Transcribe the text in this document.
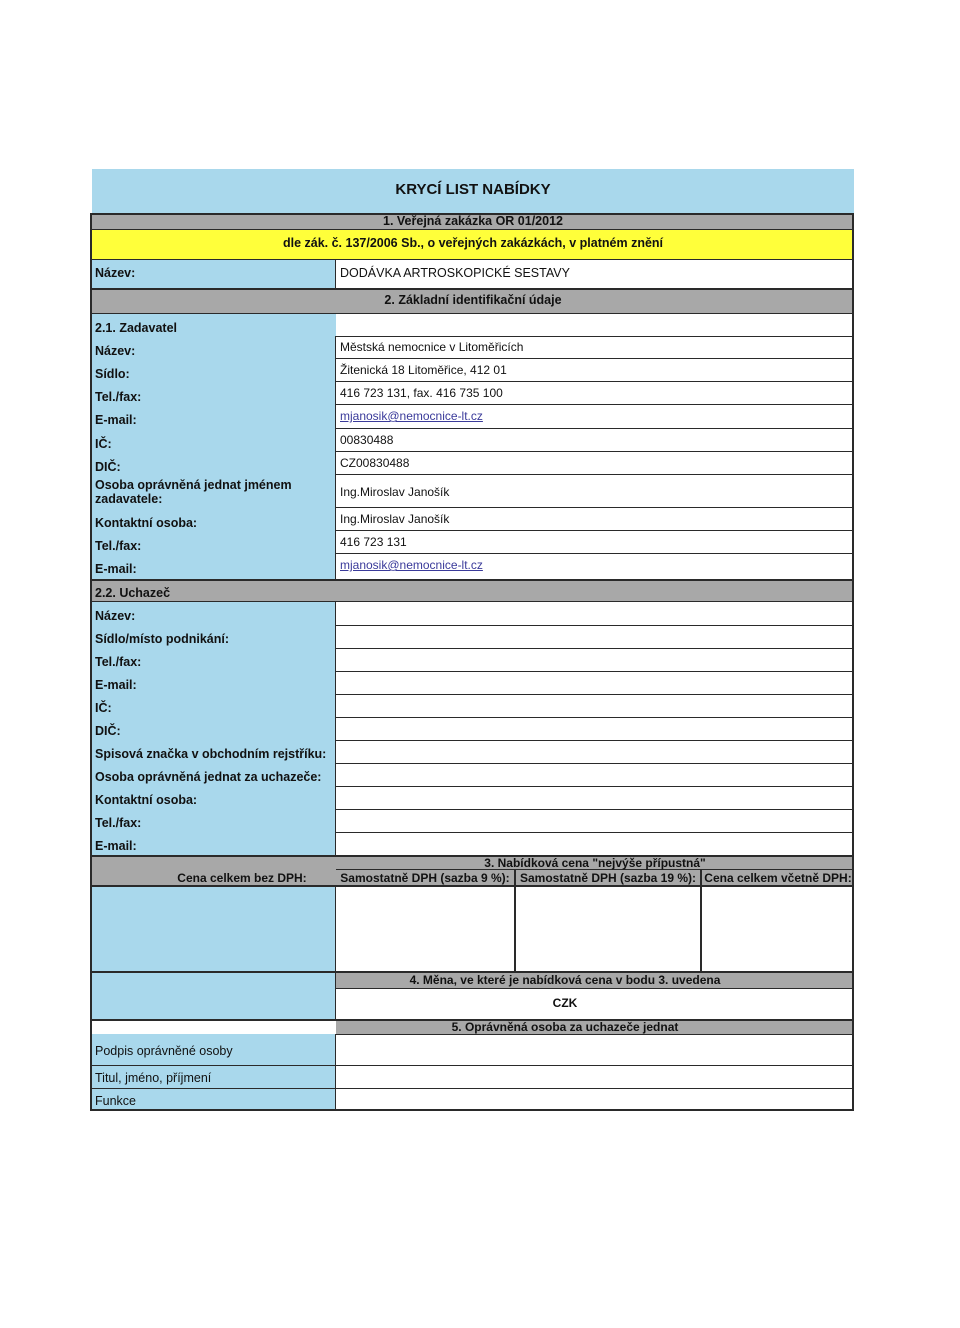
KRYCÍ LIST NABÍDKY
1. Veřejná zakázka OR 01/2012
dle zák. č. 137/2006 Sb., o veřejných zakázkách, v platném znění
Název:	DODÁVKA ARTROSKOPICKÉ SESTAVY
2. Základní identifikační údaje
2.1. Zadavatel
Název:	Městská nemocnice v Litoměřicích
Sídlo:	Žitenická 18 Litoměřice, 412 01
Tel./fax:	416 723 131, fax. 416 735 100
E-mail:	mjanosik@nemocnice-lt.cz
IČ:	00830488
DIČ:	CZ00830488
Osoba oprávněná jednat jménem
zadavatele:	Ing.Miroslav Janošík
Kontaktní osoba:	Ing.Miroslav Janošík
Tel./fax:	416 723 131
E-mail:	mjanosik@nemocnice-lt.cz
2.2. Uchazeč
Název:
Sídlo/místo podnikání:
Tel./fax:
E-mail:
IČ:
DIČ:
Spisová značka v obchodním rejstříku:
Osoba oprávněná jednat za uchazeče:
Kontaktní osoba:
Tel./fax:
E-mail:
3. Nabídková cena "nejvýše přípustná"
Cena celkem bez DPH:	Samostatně DPH (sazba 9 %): Samostatně DPH (sazba 19 %): Cena celkem včetně DPH:
4. Měna, ve které je nabídková cena v bodu 3. uvedena
CZK
5. Oprávněná osoba za uchazeče jednat
Podpis oprávněné osoby
Titul, jméno, příjmení
Funkce
